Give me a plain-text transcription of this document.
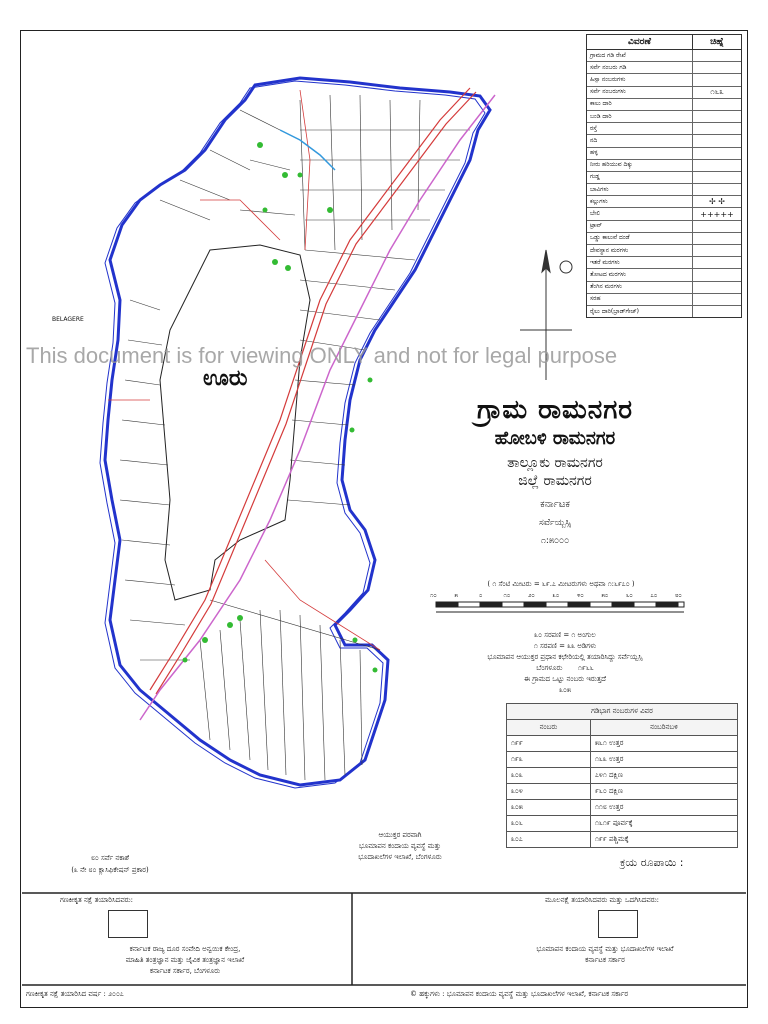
ವಿವರಣೆ	ಚಿಹ್ನೆ
ಗ್ರಾಮದ ಗಡಿ ರೇಖೆ
ಸರ್ವೆ ನಂಬರು ಗಡಿ
ಹಿಸ್ಸಾ ನಂಬರುಗಳು
ಸರ್ವೆ ನಂಬರುಗಳು	೧೬೩
ಕಾಲು ದಾರಿ
ಬಂಡಿ ದಾರಿ
ರಸ್ತೆ
ನದಿ
ಹಳ್ಳ
ನೀರು ಹರಿಯುವ ದಿಕ್ಕು
ಗುಡ್ಡ
ಬಾವಿಗಳು
ಕಲ್ಲುಗಳು	✢ ✢
ಬೇಲಿ	+++++
ಟ್ರಾವ್
ಒಡ್ಡು ಕಾಲುವೆ ದಂಡೆ
ದೇವಸ್ಥಾನ ಮರಗಳು
ಇತರೆ ಮರಗಳು
ತೋಟದ ಮರಗಳು
ತೆಂಗಿನ ಮರಗಳು
ಸರಹ
ರೈಲು ದಾರಿ(ಬ್ರಾಡ್‌ಗೇಜ್)
This document is for viewing ONLY and not for legal purpose
ಊರು
BELAGERE
ಗ್ರಾಮ ರಾಮನಗರ
ಹೋಬಳಿ ರಾಮನಗರ
ತಾಲ್ಲೂಕು ರಾಮನಗರ
ಜಿಲ್ಲೆ ರಾಮನಗರ
ಕರ್ನಾಟಕ
ಸರ್ವೆಯ್ಬಸ್ಸಿ
೧:೫೦೦೦
( ೧ ಸೆಂಟಿ ಮೀಟರು = ೬೯.೭ ಮೀಟರುಗಳು ಅಥವಾ ೧:೬೯೭೦ )
೧೦	೫	೦	೧೦	೨೦	೩೦	೪೦	೫೦	೬೦	೭೦	೮೦
೩೦ ಸರಪಣಿ = ೧ ಅಂಗುಲ
೧ ಸರಪಣಿ = ೩೩ ಅಡಿಗಳು
ಭೂಮಾಪನ ಆಯುಕ್ತರ ಪ್ರಧಾನ ಕಛೇರಿಯಲ್ಲಿ ತಯಾರಿಸಿದ್ದು ಸರ್ವೆಯ್ಬಸ್ಸಿ
ಬೆಂಗಳೂರು ೧೯೬೬
ಈ ಗ್ರಾಮದ ಒಟ್ಟು ನಂಬರು ಇರುತ್ತದೆ
೩೦೫
ಗಡಿಭಾಗ ನಂಬರುಗಳ ವಿವರ	
ನಂಬರು	ನಂಬರಿನಬಳಿ
೧೯೯	೫೬೧ ಉತ್ತರ
೧೯೩	೧೬೩ ಉತ್ತರ
೩೦೩	೭೪೧ ದಕ್ಷಿಣ
೩೦೪	೯೬೦ ದಕ್ಷಿಣ
೩೦೫	೧೧೮ ಉತ್ತರ
೩೦೬	೧೬೧೯ ಪೂರ್ವಕ್ಕೆ
೩೦೭	೧೯೯ ಪಶ್ಚಿಮಕ್ಕೆ
೮೦ ಸರ್ವೆ ನಕಾಶೆ
(೩ ನೇ ೮೦ ಕ್ಲಾಸಿಫಿಕೇಷನ್ ಪ್ರಕಾರ)
ಆಯುಕ್ತರ ಪರವಾಗಿ
ಭೂಮಾಪನ ಕಂದಾಯ ವ್ಯವಸ್ಥೆ ಮತ್ತು
ಭೂದಾಖಲೆಗಳ ಇಲಾಖೆ, ಬೆಂಗಳೂರು	ಕ್ರಯ ರೂಪಾಯಿ :
ಗಣಕೀಕೃತ ನಕ್ಷೆ ತಯಾರಿಸಿದವರು:
ಕರ್ನಾಟಕ ರಾಜ್ಯ ದೂರ ಸಂವೇದಿ ಅನ್ವಯಿಕ ಕೇಂದ್ರ,
ಮಾಹಿತಿ ತಂತ್ರಜ್ಞಾನ ಮತ್ತು ಜೈವಿಕ ತಂತ್ರಜ್ಞಾನ ಇಲಾಖೆ
ಕರ್ನಾಟಕ ಸರ್ಕಾರ, ಬೆಂಗಳೂರು
ಮೂಲನಕ್ಷೆ ತಯಾರಿಸಿದವರು ಮತ್ತು ಒದಗಿಸಿದವರು:
ಭೂಮಾಪನ ಕಂದಾಯ ವ್ಯವಸ್ಥೆ ಮತ್ತು ಭೂದಾಖಲೆಗಳ ಇಲಾಖೆ
ಕರ್ನಾಟಕ ಸರ್ಕಾರ
ಗಣಕೀಕೃತ ನಕ್ಷೆ ತಯಾರಿಸಿದ ವರ್ಷ : ೨೦೦೭	© ಹಕ್ಕುಗಳು : ಭೂಮಾಪನ ಕಂದಾಯ ವ್ಯವಸ್ಥೆ ಮತ್ತು ಭೂದಾಖಲೆಗಳ ಇಲಾಖೆ, ಕರ್ನಾಟಕ ಸರ್ಕಾರ
